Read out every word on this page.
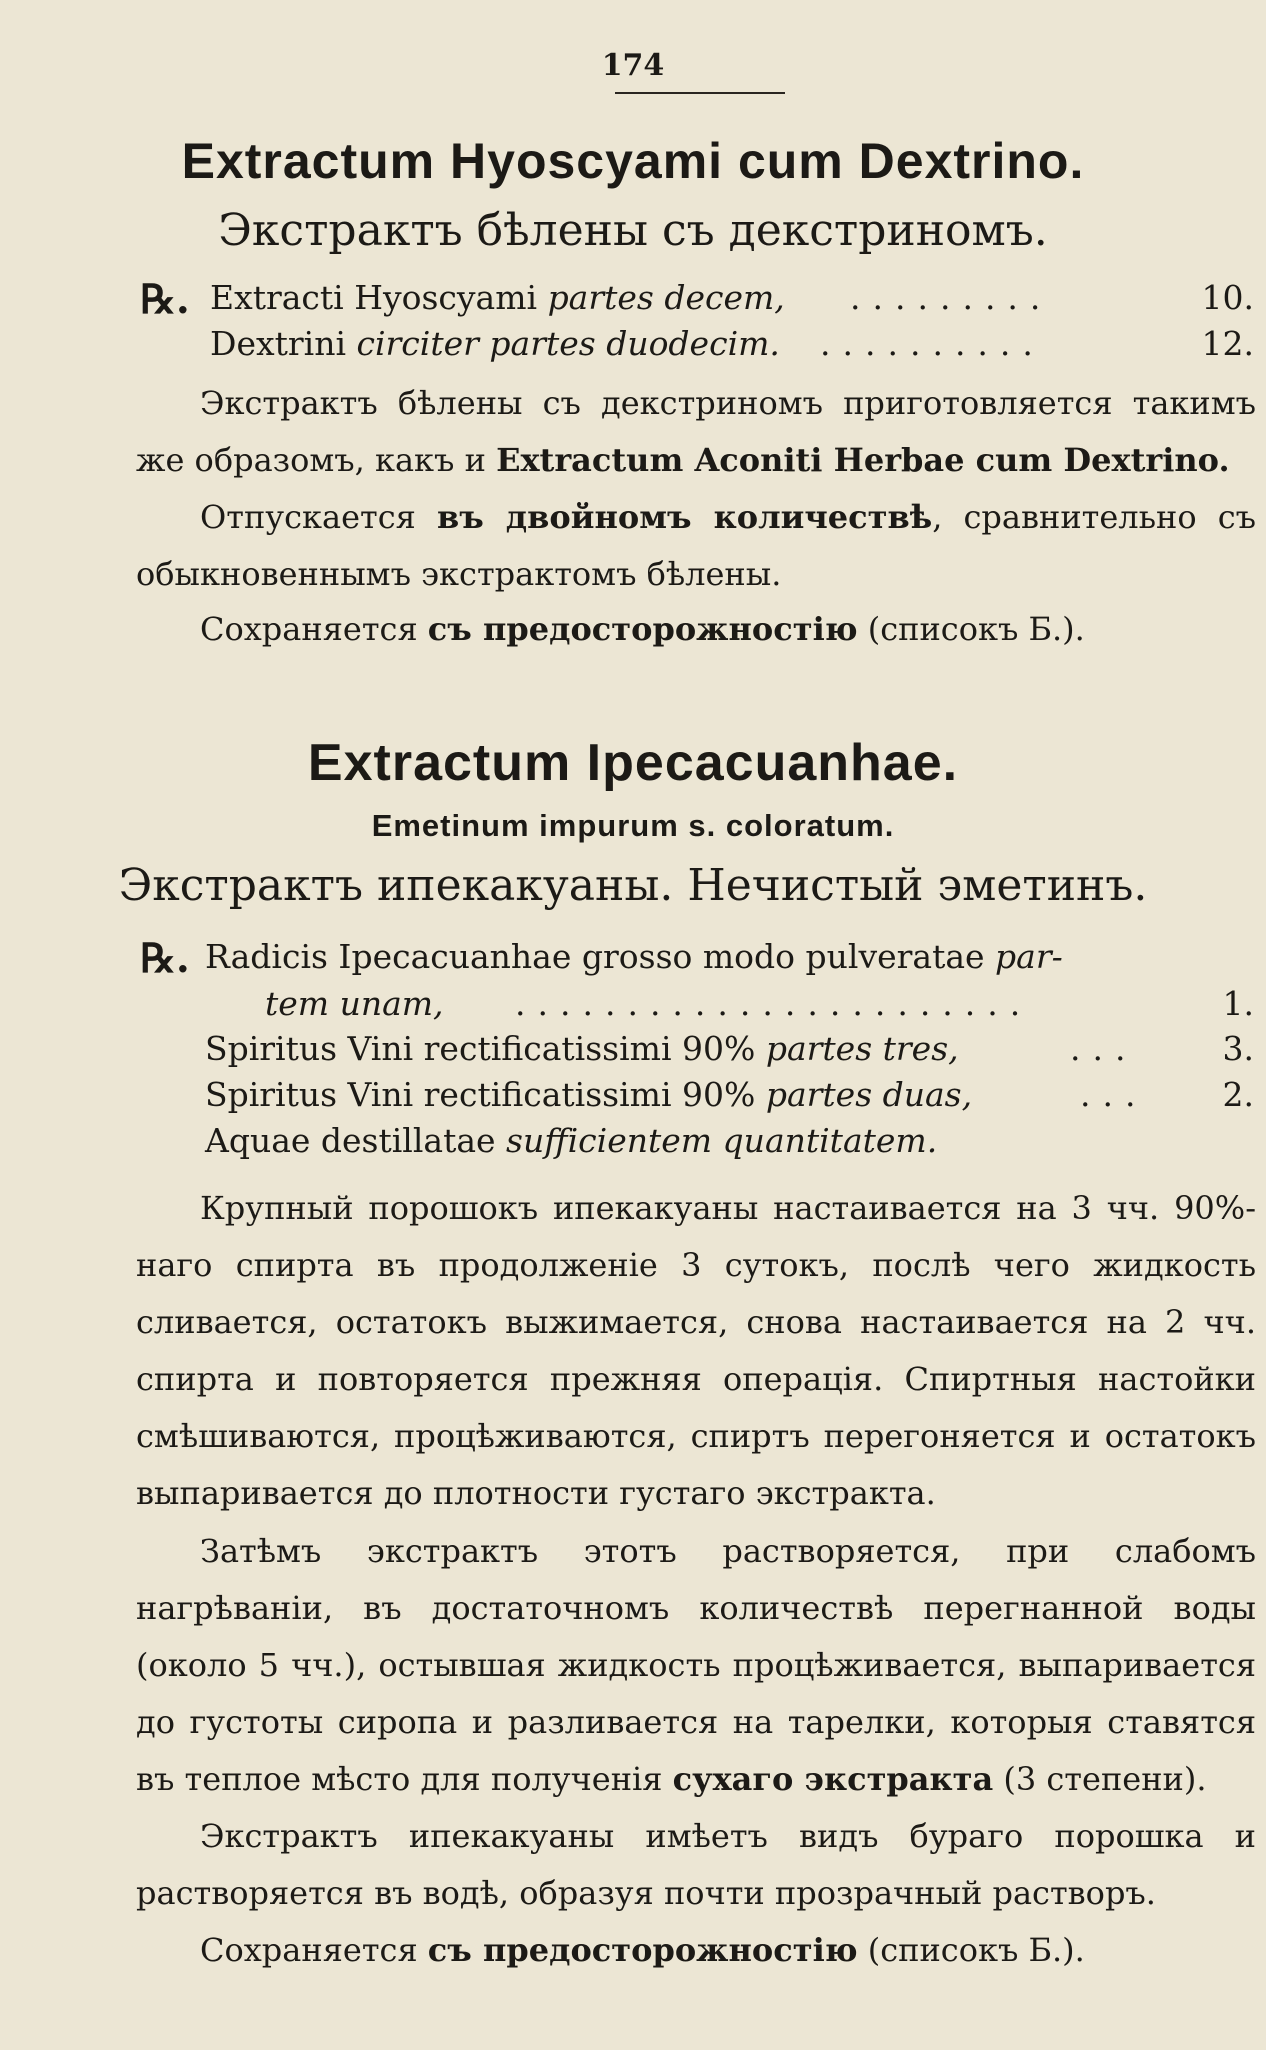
174
Extractum Hyoscyami cum Dextrino.
Экстрактъ бѣлены съ декстриномъ.
℞. Extracti Hyoscyami partes decem, .........	10.
Dextrini circiter partes duodecim. ..........	12.
Экстрактъ бѣлены съ декстриномъ приготовляется такимъ же образомъ, какъ и Extractum Aconiti Herbae cum Dextrino.
Отпускается въ двойномъ количествѣ, сравнительно съ обыкновеннымъ экстрактомъ бѣлены.
Сохраняется съ предосторожностію (списокъ Б.).
Extractum Ipecacuanhae.
Emetinum impurum s. coloratum.
Экстрактъ ипекакуаны. Нечистый эметинъ.
℞. Radicis Ipecacuanhae grosso modo pulveratae par-
tem unam, .......................	1.
Spiritus Vini rectificatissimi 90% partes tres,	...	3.
Spiritus Vini rectificatissimi 90% partes duas,	... 2.
Aquae destillatae sufficientem quantitatem.
Крупный порошокъ ипекакуаны настаивается на 3 чч. 90%-наго спирта въ продолженіе 3 сутокъ, послѣ чего жидкость сливается, остатокъ выжимается, снова настаивается на 2 чч. спирта и повторяется прежняя операція. Спиртныя настойки смѣшиваются, процѣживаются, спиртъ перегоняется и остатокъ выпаривается до плотности густаго экстракта.
Затѣмъ экстрактъ этотъ растворяется, при слабомъ нагрѣваніи, въ достаточномъ количествѣ перегнанной воды (около 5 чч.), остывшая жидкость процѣживается, выпаривается до густоты сиропа и разливается на тарелки, которыя ставятся въ теплое мѣсто для полученія сухаго экстракта (3 степени).
Экстрактъ ипекакуаны имѣетъ видъ бураго порошка и растворяется въ водѣ, образуя почти прозрачный растворъ.
Сохраняется съ предосторожностію (списокъ Б.).
